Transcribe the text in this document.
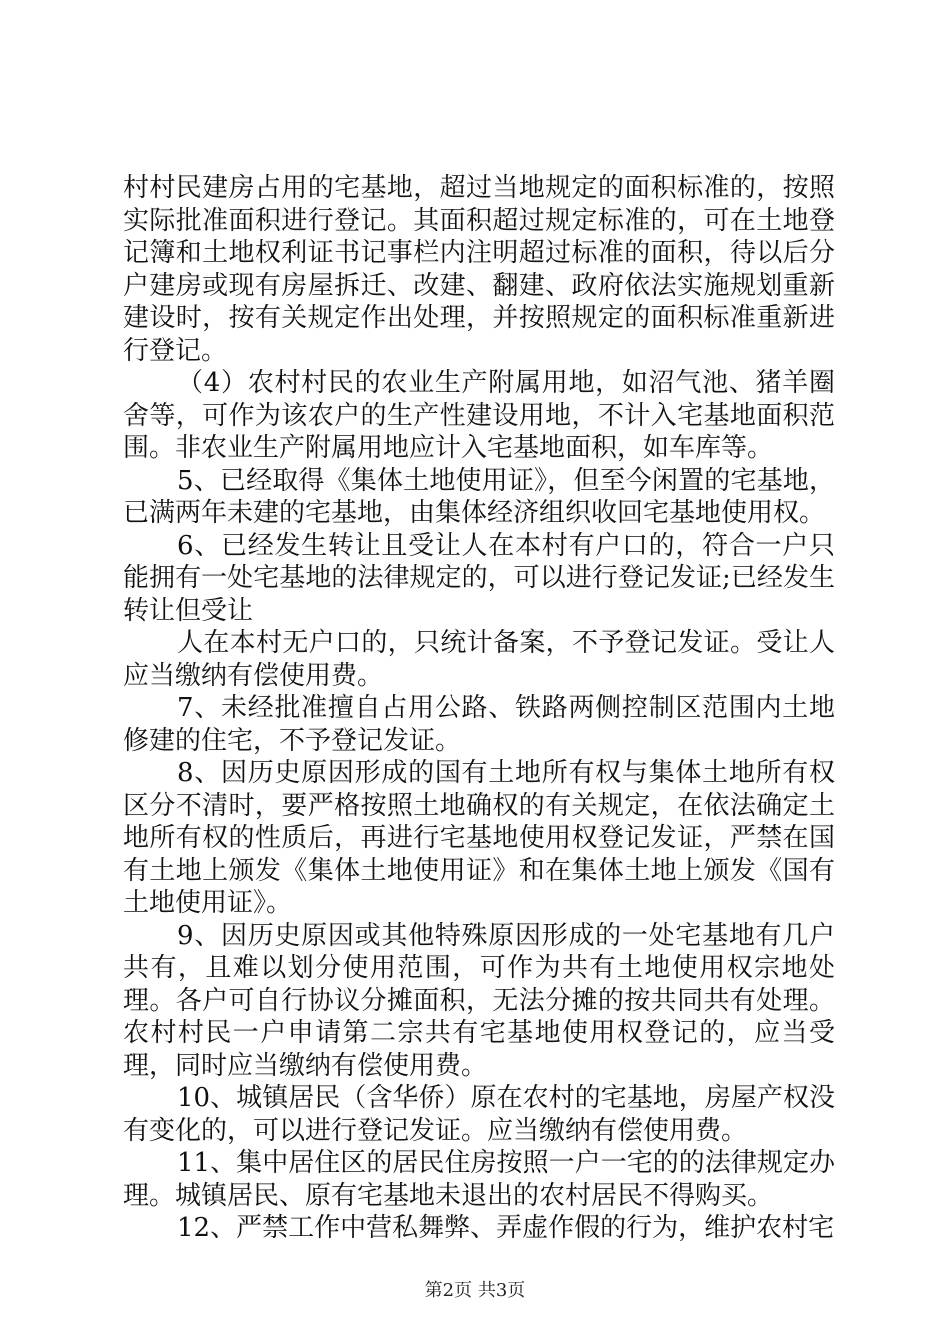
村村民建房占用的宅基地，超过当地规定的面积标准的，按照实际批准面积进行登记。其面积超过规定标准的，可在土地登记簿和土地权利证书记事栏内注明超过标准的面积，待以后分户建房或现有房屋拆迁、改建、翻建、政府依法实施规划重新建设时，按有关规定作出处理，并按照规定的面积标准重新进行登记。

（4）农村村民的农业生产附属用地，如沼气池、猪羊圈舍等，可作为该农户的生产性建设用地，不计入宅基地面积范围。非农业生产附属用地应计入宅基地面积，如车库等。

5、已经取得《集体土地使用证》，但至今闲置的宅基地，已满两年未建的宅基地，由集体经济组织收回宅基地使用权。

6、已经发生转让且受让人在本村有户口的，符合一户只能拥有一处宅基地的法律规定的，可以进行登记发证;已经发生转让但受让

人在本村无户口的，只统计备案，不予登记发证。受让人应当缴纳有偿使用费。

7、未经批准擅自占用公路、铁路两侧控制区范围内土地修建的住宅，不予登记发证。

8、因历史原因形成的国有土地所有权与集体土地所有权区分不清时，要严格按照土地确权的有关规定，在依法确定土地所有权的性质后，再进行宅基地使用权登记发证，严禁在国有土地上颁发《集体土地使用证》和在集体土地上颁发《国有土地使用证》。

9、因历史原因或其他特殊原因形成的一处宅基地有几户共有，且难以划分使用范围，可作为共有土地使用权宗地处理。各户可自行协议分摊面积，无法分摊的按共同共有处理。农村村民一户申请第二宗共有宅基地使用权登记的，应当受理，同时应当缴纳有偿使用费。

10、城镇居民（含华侨）原在农村的宅基地，房屋产权没有变化的，可以进行登记发证。应当缴纳有偿使用费。

11、集中居住区的居民住房按照一户一宅的的法律规定办理。城镇居民、原有宅基地未退出的农村居民不得购买。

12、严禁工作中营私舞弊、弄虚作假的行为，维护农村宅

第2页 共3页
